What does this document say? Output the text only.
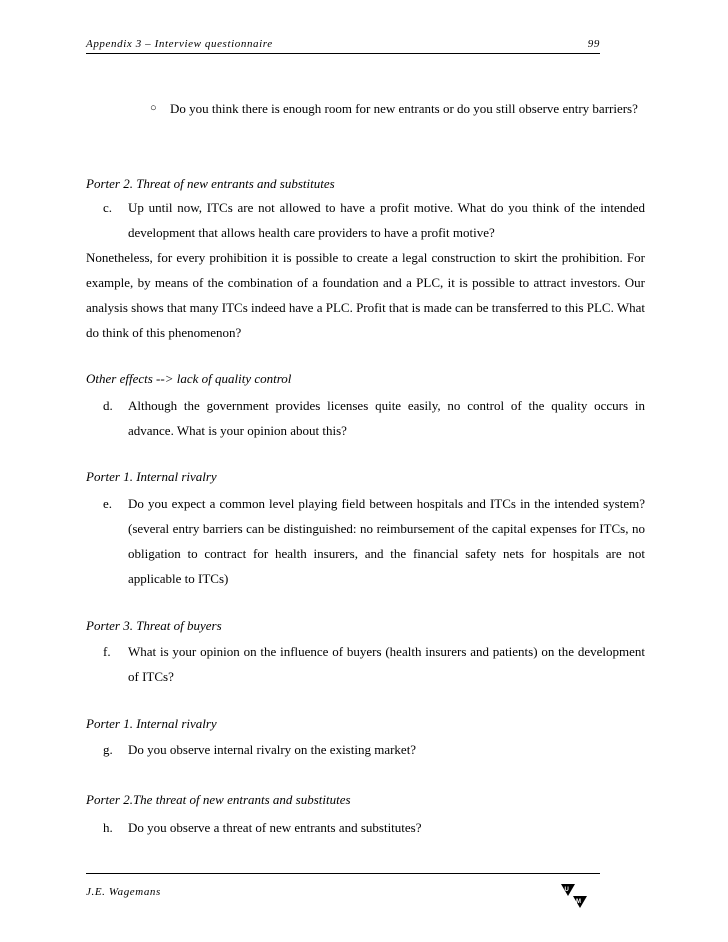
Appendix 3 – Interview questionnaire	99
○ Do you think there is enough room for new entrants or do you still observe entry barriers?
Porter 2. Threat of new entrants and substitutes
c. Up until now, ITCs are not allowed to have a profit motive. What do you think of the intended development that allows health care providers to have a profit motive?
Nonetheless, for every prohibition it is possible to create a legal construction to skirt the prohibition. For example, by means of the combination of a foundation and a PLC, it is possible to attract investors. Our analysis shows that many ITCs indeed have a PLC. Profit that is made can be transferred to this PLC. What do think of this phenomenon?
Other effects --> lack of quality control
d. Although the government provides licenses quite easily, no control of the quality occurs in advance. What is your opinion about this?
Porter 1. Internal rivalry
e. Do you expect a common level playing field between hospitals and ITCs in the intended system? (several entry barriers can be distinguished: no reimbursement of the capital expenses for ITCs, no obligation to contract for health insurers, and the financial safety nets for hospitals are not applicable to ITCs)
Porter 3. Threat of buyers
f. What is your opinion on the influence of buyers (health insurers and patients) on the development of ITCs?
Porter 1. Internal rivalry
g. Do you observe internal rivalry on the existing market?
Porter 2.The threat of new entrants and substitutes
h. Do you observe a threat of new entrants and substitutes?
J.E. Wagemans	U
M
